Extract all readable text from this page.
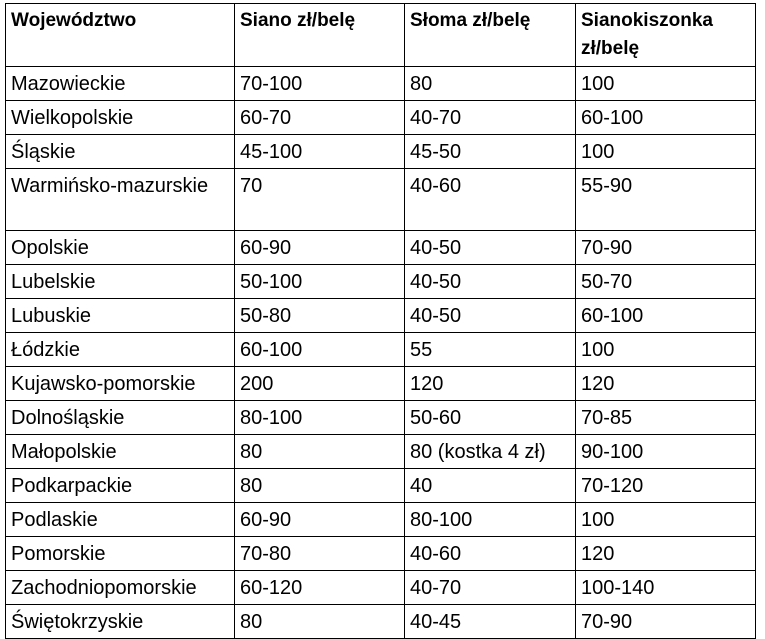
Województwo	Siano zł/belę	Słoma zł/belę	Sianokiszonka zł/belę
Mazowieckie	70-100	80	100
Wielkopolskie	60-70	40-70	60-100
Śląskie	45-100	45-50	100
Warmińsko-mazurskie	70	40-60	55-90
Opolskie	60-90	40-50	70-90
Lubelskie	50-100	40-50	50-70
Lubuskie	50-80	40-50	60-100
Łódzkie	60-100	55	100
Kujawsko-pomorskie	200	120	120
Dolnośląskie	80-100	50-60	70-85
Małopolskie	80	80 (kostka 4 zł)	90-100
Podkarpackie	80	40	70-120
Podlaskie	60-90	80-100	100
Pomorskie	70-80	40-60	120
Zachodniopomorskie	60-120	40-70	100-140
Świętokrzyskie	80	40-45	70-90
